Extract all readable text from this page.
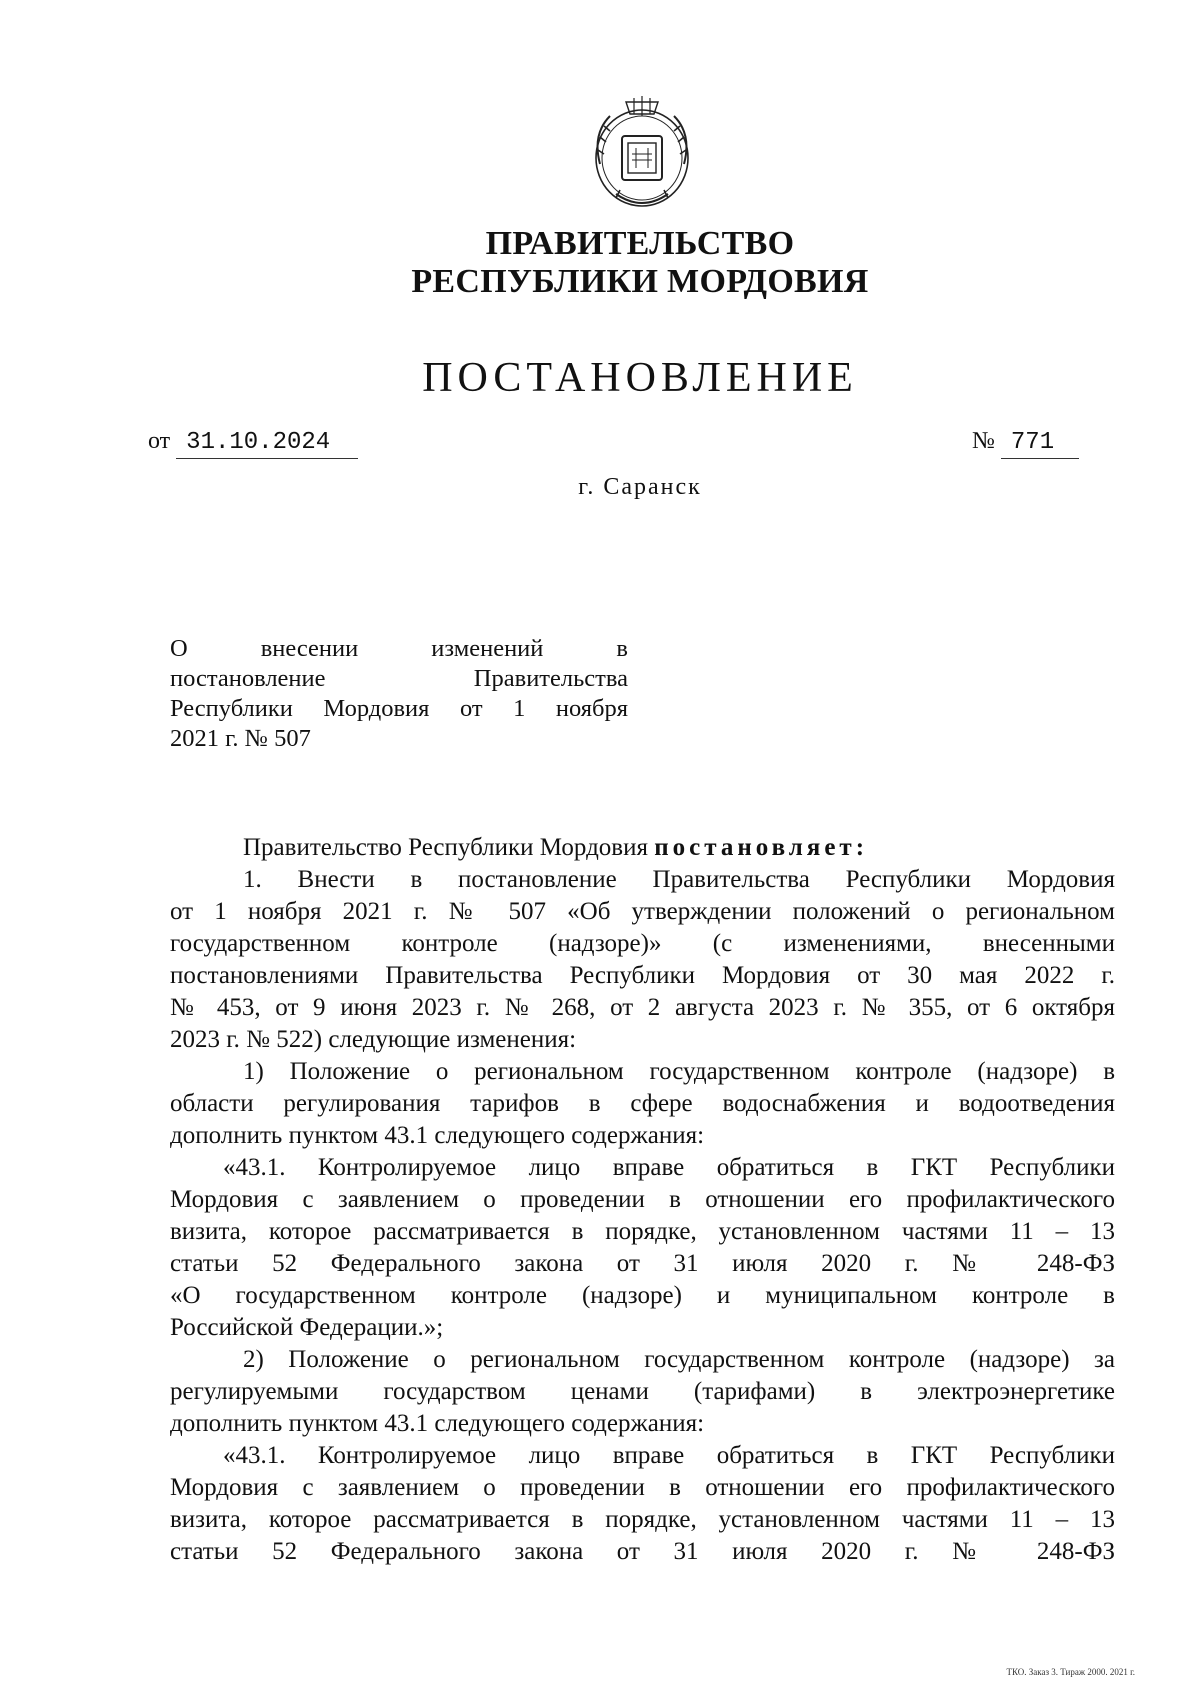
ПРАВИТЕЛЬСТВО
РЕСПУБЛИКИ МОРДОВИЯ
ПОСТАНОВЛЕНИЕ
от 31.10.2024	№ 771
г. Саранск
О внесении изменений в
постановление Правительства
Республики Мордовия от 1 ноября
2021 г. № 507
Правительство Республики Мордовия постановляет:
1. Внести в постановление Правительства Республики Мордовия
от 1 ноября 2021 г. № 507 «Об утверждении положений о региональном
государственном контроле (надзоре)» (с изменениями, внесенными
постановлениями Правительства Республики Мордовия от 30 мая 2022 г.
№ 453, от 9 июня 2023 г. № 268, от 2 августа 2023 г. № 355, от 6 октября
2023 г. № 522) следующие изменения:
1) Положение о региональном государственном контроле (надзоре) в
области регулирования тарифов в сфере водоснабжения и водоотведения
дополнить пунктом 43.1 следующего содержания:
«43.1. Контролируемое лицо вправе обратиться в ГКТ Республики
Мордовия с заявлением о проведении в отношении его профилактического
визита, которое рассматривается в порядке, установленном частями 11 – 13
статьи 52 Федерального закона от 31 июля 2020 г. № 248-ФЗ
«О государственном контроле (надзоре) и муниципальном контроле в
Российской Федерации.»;
2) Положение о региональном государственном контроле (надзоре) за
регулируемыми государством ценами (тарифами) в электроэнергетике
дополнить пунктом 43.1 следующего содержания:
«43.1. Контролируемое лицо вправе обратиться в ГКТ Республики
Мордовия с заявлением о проведении в отношении его профилактического
визита, которое рассматривается в порядке, установленном частями 11 – 13
статьи 52 Федерального закона от 31 июля 2020 г. № 248-ФЗ
ТКО. Заказ 3. Тираж 2000. 2021 г.
